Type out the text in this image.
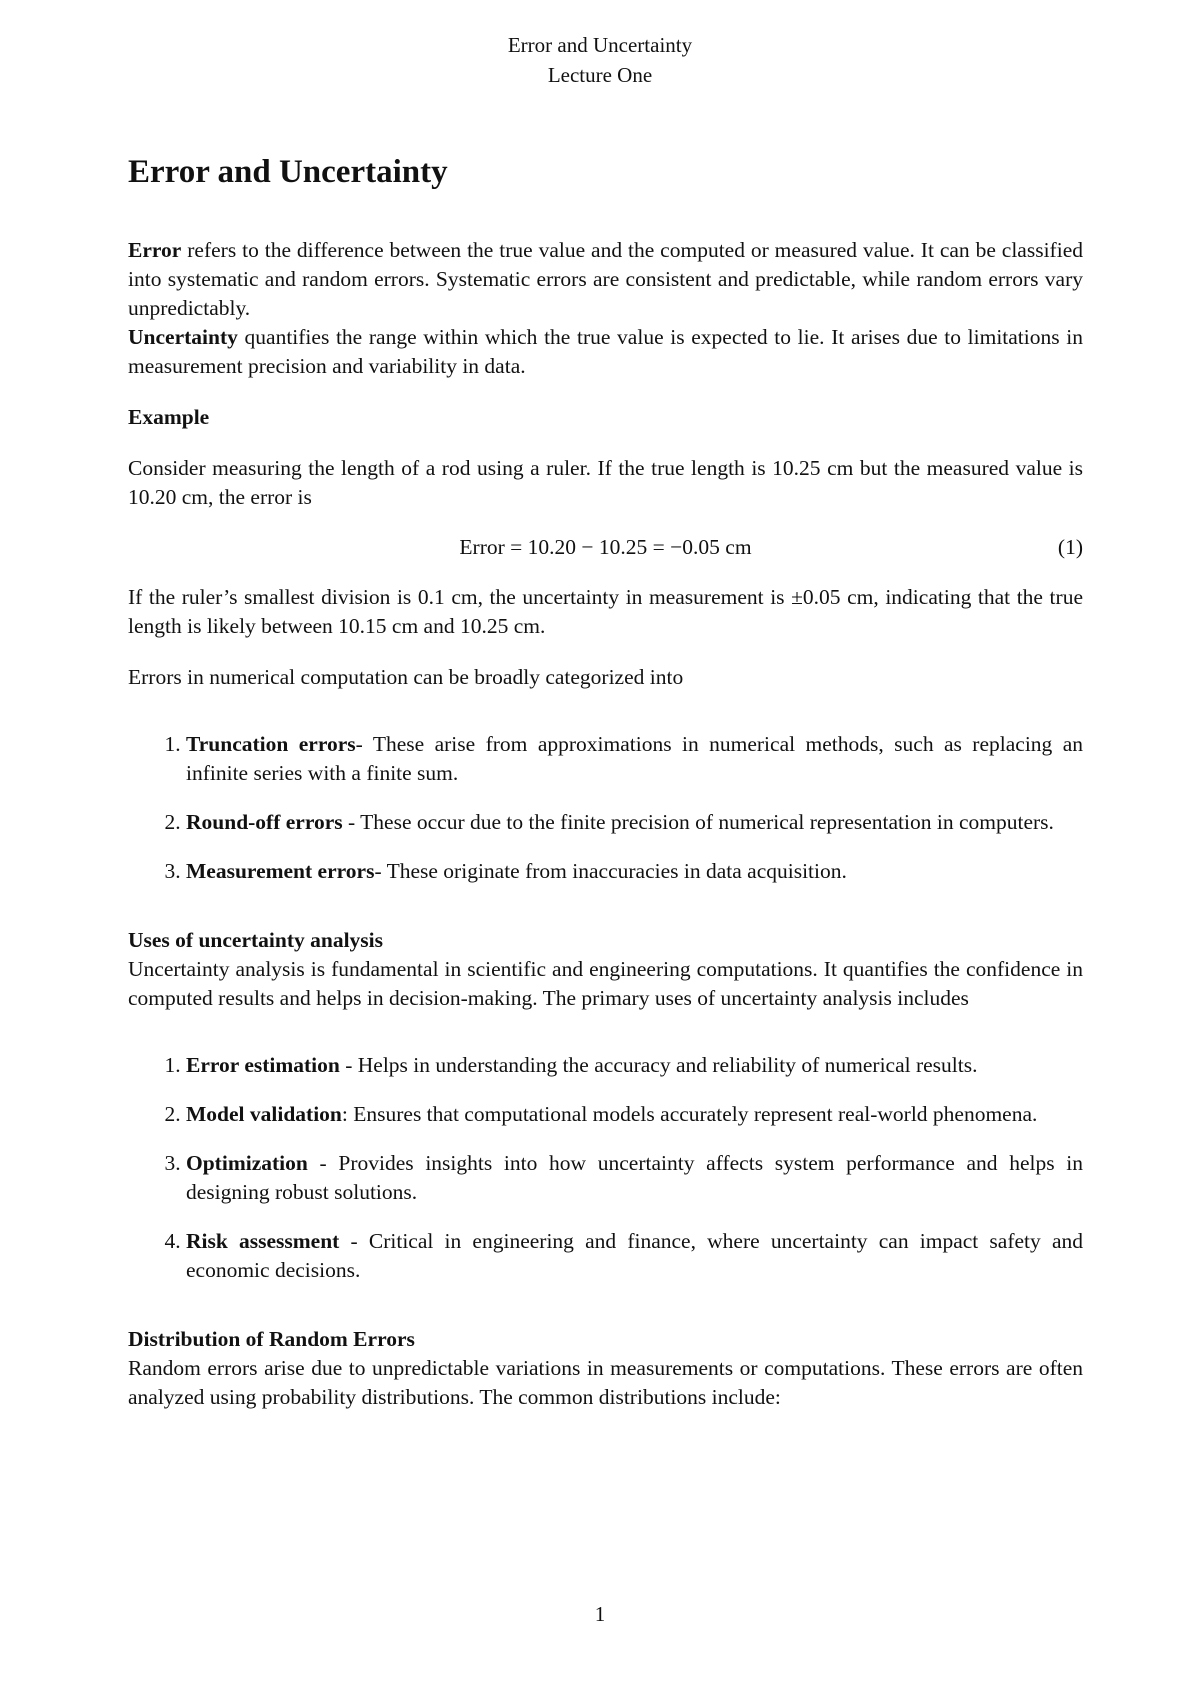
Error and Uncertainty
Lecture One
Error and Uncertainty

Error refers to the difference between the true value and the computed or measured value. It can be classified into systematic and random errors. Systematic errors are consistent and predictable, while random errors vary unpredictably.

Uncertainty quantifies the range within which the true value is expected to lie. It arises due to limitations in measurement precision and variability in data.

Example

Consider measuring the length of a rod using a ruler. If the true length is 10.25 cm but the measured value is 10.20 cm, the error is

Error = 10.20 − 10.25 = −0.05 cm	(1)

If the ruler’s smallest division is 0.1 cm, the uncertainty in measurement is ±0.05 cm, indicating that the true length is likely between 10.15 cm and 10.25 cm.

Errors in numerical computation can be broadly categorized into

1. Truncation errors- These arise from approximations in numerical methods, such as replacing an infinite series with a finite sum.
2. Round-off errors - These occur due to the finite precision of numerical representation in computers.
3. Measurement errors- These originate from inaccuracies in data acquisition.

Uses of uncertainty analysis

Uncertainty analysis is fundamental in scientific and engineering computations. It quantifies the confidence in computed results and helps in decision-making. The primary uses of uncertainty analysis includes

1. Error estimation - Helps in understanding the accuracy and reliability of numerical results.
2. Model validation: Ensures that computational models accurately represent real-world phenomena.
3. Optimization - Provides insights into how uncertainty affects system performance and helps in designing robust solutions.
4. Risk assessment - Critical in engineering and finance, where uncertainty can impact safety and economic decisions.

Distribution of Random Errors

Random errors arise due to unpredictable variations in measurements or computations. These errors are often analyzed using probability distributions. The common distributions include:

1
